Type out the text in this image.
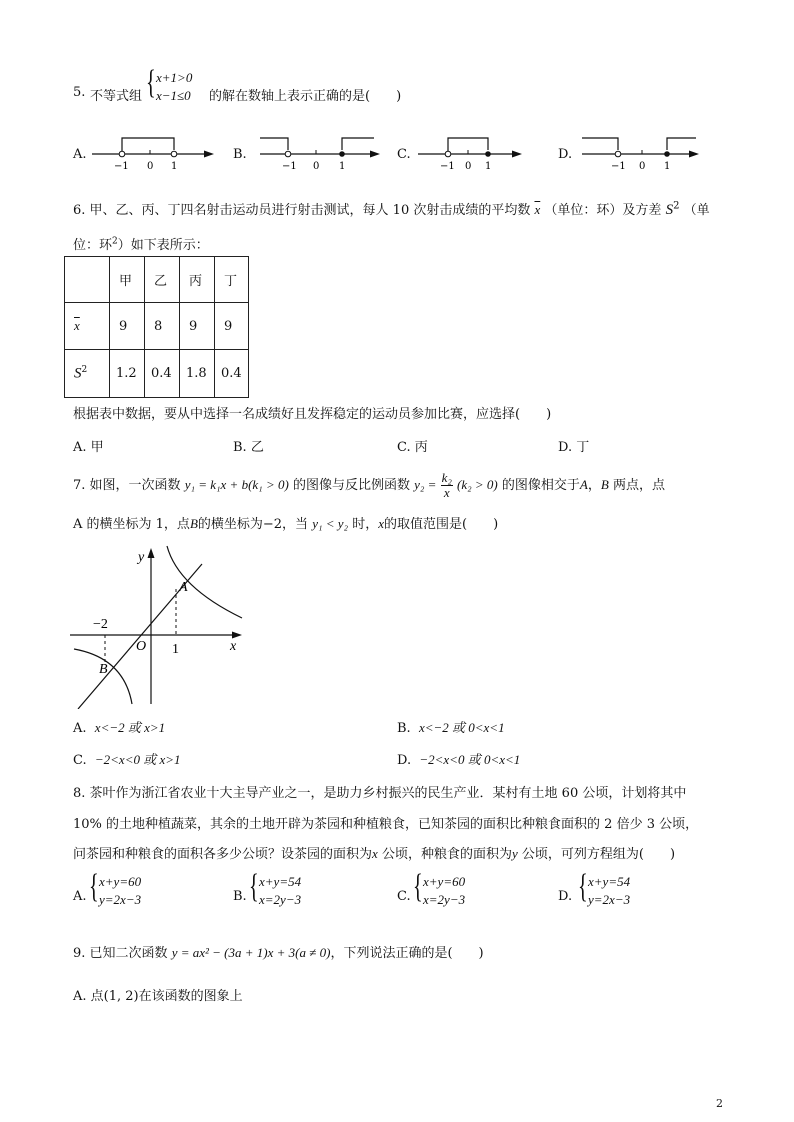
5. 不等式组 { x+1>0
x−1≤0 的解在数轴上表示正确的是(　　)
A.	B.	C.	D.
−1 0 1	−1 0 1	−1 0 1	−1 0 1
6. 甲、乙、丙、丁四名射击运动员进行射击测试，每人 10 次射击成绩的平均数 $\overline{x}$ （单位：环）及方差 $S^2$ （单
位：环$^2$）如下表所示：
	甲	乙	丙	丁
$\overline{x}$	9	8	9	9
$S^2$	1.2	0.4	1.8	0.4
根据表中数据，要从中选择一名成绩好且发挥稳定的运动员参加比赛，应选择(　　)
A. 甲	B. 乙	C. 丙	D. 丁
7. 如图，一次函数 y₁ = k₁x + b(k₁ > 0) 的图像与反比例函数 $y_2 = \frac{\text{k₂}}{x} (k_2 > 0)$ 的图像相交于A，B 两点，点
A 的横坐标为 1，点B的横坐标为−2，当 y₁ < y₂ 时，x的取值范围是(　　)
y
x
O
A
B
−2
1
A. x<−2 或 x>1	B. x<−2 或 0<x<1
C. −2<x<0 或 x>1	D. −2<x<0 或 0<x<1
8. 茶叶作为浙江省农业十大主导产业之一，是助力乡村振兴的民生产业．某村有土地 60 公顷，计划将其中
10% 的土地种植蔬菜，其余的土地开辟为茶园和种植粮食，已知茶园的面积比种粮食面积的 2 倍少 3 公顷，
问茶园和种粮食的面积各多少公顷？设茶园的面积为x 公顷，种粮食的面积为y 公顷，可列方程组为(　　)
A. { x+y=60
y=2x−3	B. { x+y=54
x=2y−3	C. { x+y=60
x=2y−3	D. { x+y=54
y=2x−3
9. 已知二次函数 y = ax² − (3a + 1)x + 3(a ≠ 0)，下列说法正确的是(　　)
A. 点(1, 2)在该函数的图象上
2
